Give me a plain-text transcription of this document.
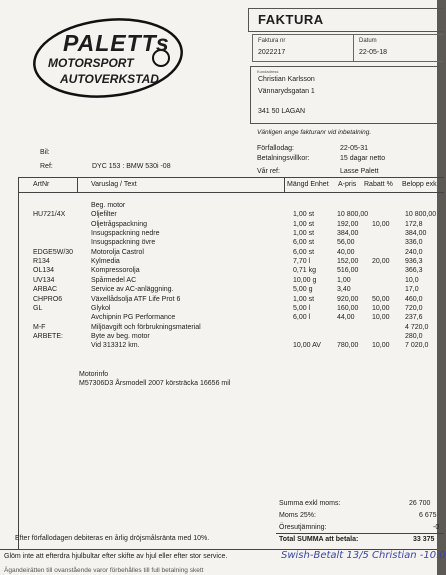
PALETTs
MOTORSPORT
AUTOVERKSTAD
FAKTURA
Faktura nr
2022217
Datum
22-05-18
Kundadress
Christian Karlsson
Vännarydsgatan 1
341 50 LAGAN
Vänligen ange fakturanr vid inbetalning.
Förfallodag:	22-05-31
Betalningsvillkor:	15 dagar netto
Vår ref:	Lasse Palett
Bil:
Ref:	DYC 153 : BMW 530i -08
ArtNr	Varuslag / Text	Mängd Enhet A-pris Rabatt % Belopp exk
Beg. motor
HU721/4X	Oljefilter	1,00 st	10 800,00	10 800,00
Oljetrågspackning	1,00 st	192,00 10,00 172,8
Insugspackning nedre	1,00 st	384,00	384,00
Insugspackning övre	6,00 st	56,00	336,0
EDGE5W/30	Motorolja Castrol	6,00 st	40,00	240,0
R134	Kylmedia	7,70 l	152,00 20,00 936,3
OL134	Kompressorolja	0,71 kg	516,00	366,3
UV134	Spårmedel AC	10,00 g	1,00	10,0
ARBAC	Service av AC-anläggning.	5,00 g	3,40	17,0
CHPRO6	Växellådsolja ATF Life Prot 6	1,00 st	920,00 50,00 460,0
GL	Glykol	5,00 l	160,00 10,00 720,0
Avchipnin PG Performance	6,00 l	44,00 10,00 237,6
M-F	Miljöavgift och förbrukningsmaterial	4 720,0
ARBETE:	Byte av beg. motor	280,0
Vid 313312 km.	10,00 AV 780,00 10,00 7 020,0
Motorinfo
M57306D3 Årsmodell 2007 körsträcka 16656 mil
Summa exkl moms:	26 700
Moms 25%:	6 675
Öresutjämning:	-0
Total SUMMA att betala:	33 375
Efter förfallodagen debiteras en årlig dröjsmålsränta med 10%.
Glöm inte att efterdra hjulbultar efter skifte av hjul eller efter stor service.	Swish-Betalt 13/5 Christian -10.0
Ägandeirätten till ovanstående varor förbehålles till full betalning skett
